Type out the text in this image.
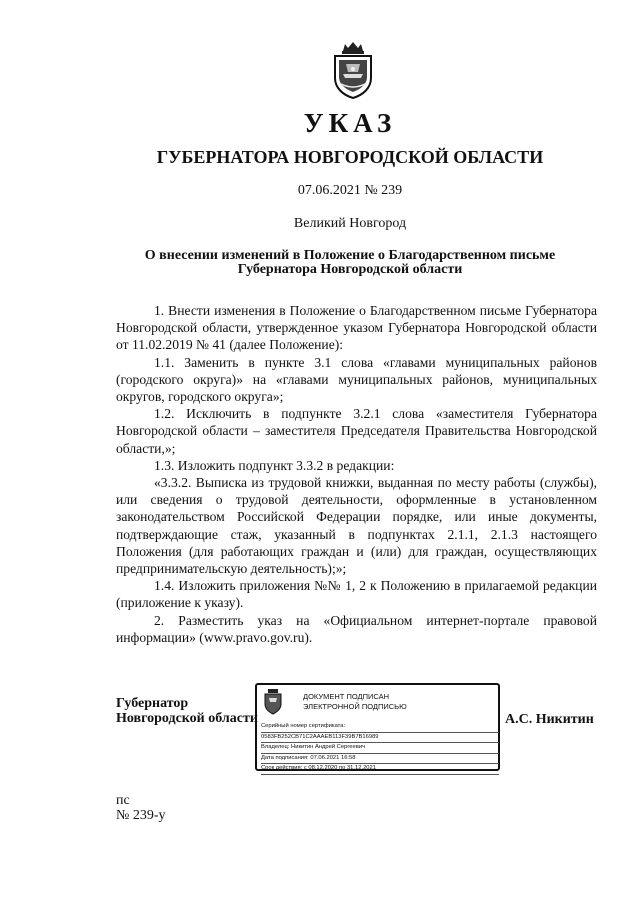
УКАЗ
ГУБЕРНАТОРА НОВГОРОДСКОЙ ОБЛАСТИ
07.06.2021 № 239
Великий Новгород
О внесении изменений в Положение о Благодарственном письме
Губернатора Новгородской области

1. Внести изменения в Положение о Благодарственном письме Губернатора Новгородской области, утвержденное указом Губернатора Новгородской области от 11.02.2019 № 41 (далее Положение):

1.1. Заменить в пункте 3.1 слова «главами муниципальных районов (городского округа)» на «главами муниципальных районов, муниципальных округов, городского округа»;

1.2. Исключить в подпункте 3.2.1 слова «заместителя Губернатора Новгородской области – заместителя Председателя Правительства Новгородской области,»;

1.3. Изложить подпункт 3.3.2 в редакции:

«3.3.2. Выписка из трудовой книжки, выданная по месту работы (службы), или сведения о трудовой деятельности, оформленные в установленном законодательством Российской Федерации порядке, или иные документы, подтверждающие стаж, указанный в подпунктах 2.1.1, 2.1.3 настоящего Положения (для работающих граждан и (или) для граждан, осуществляющих предпринимательскую деятельность);»;

1.4. Изложить приложения №№ 1, 2 к Положению в прилагаемой редакции (приложение к указу).

2. Разместить указ на «Официальном интернет-портале правовой информации» (www.pravo.gov.ru).

Губернатор
Новгородской области
ДОКУМЕНТ ПОДПИСАН
ЭЛЕКТРОННОЙ ПОДПИСЬЮ
Серийный номер сертификата:
0583FB252CB71C2AAAEB113F39B7B16989
Владелец: Никитин Андрей Сергеевич
Дата подписания: 07.06.2021 16:58
Срок действия: с 08.12.2020 по 31.12.2021
А.С. Никитин
пс
№ 239-у
